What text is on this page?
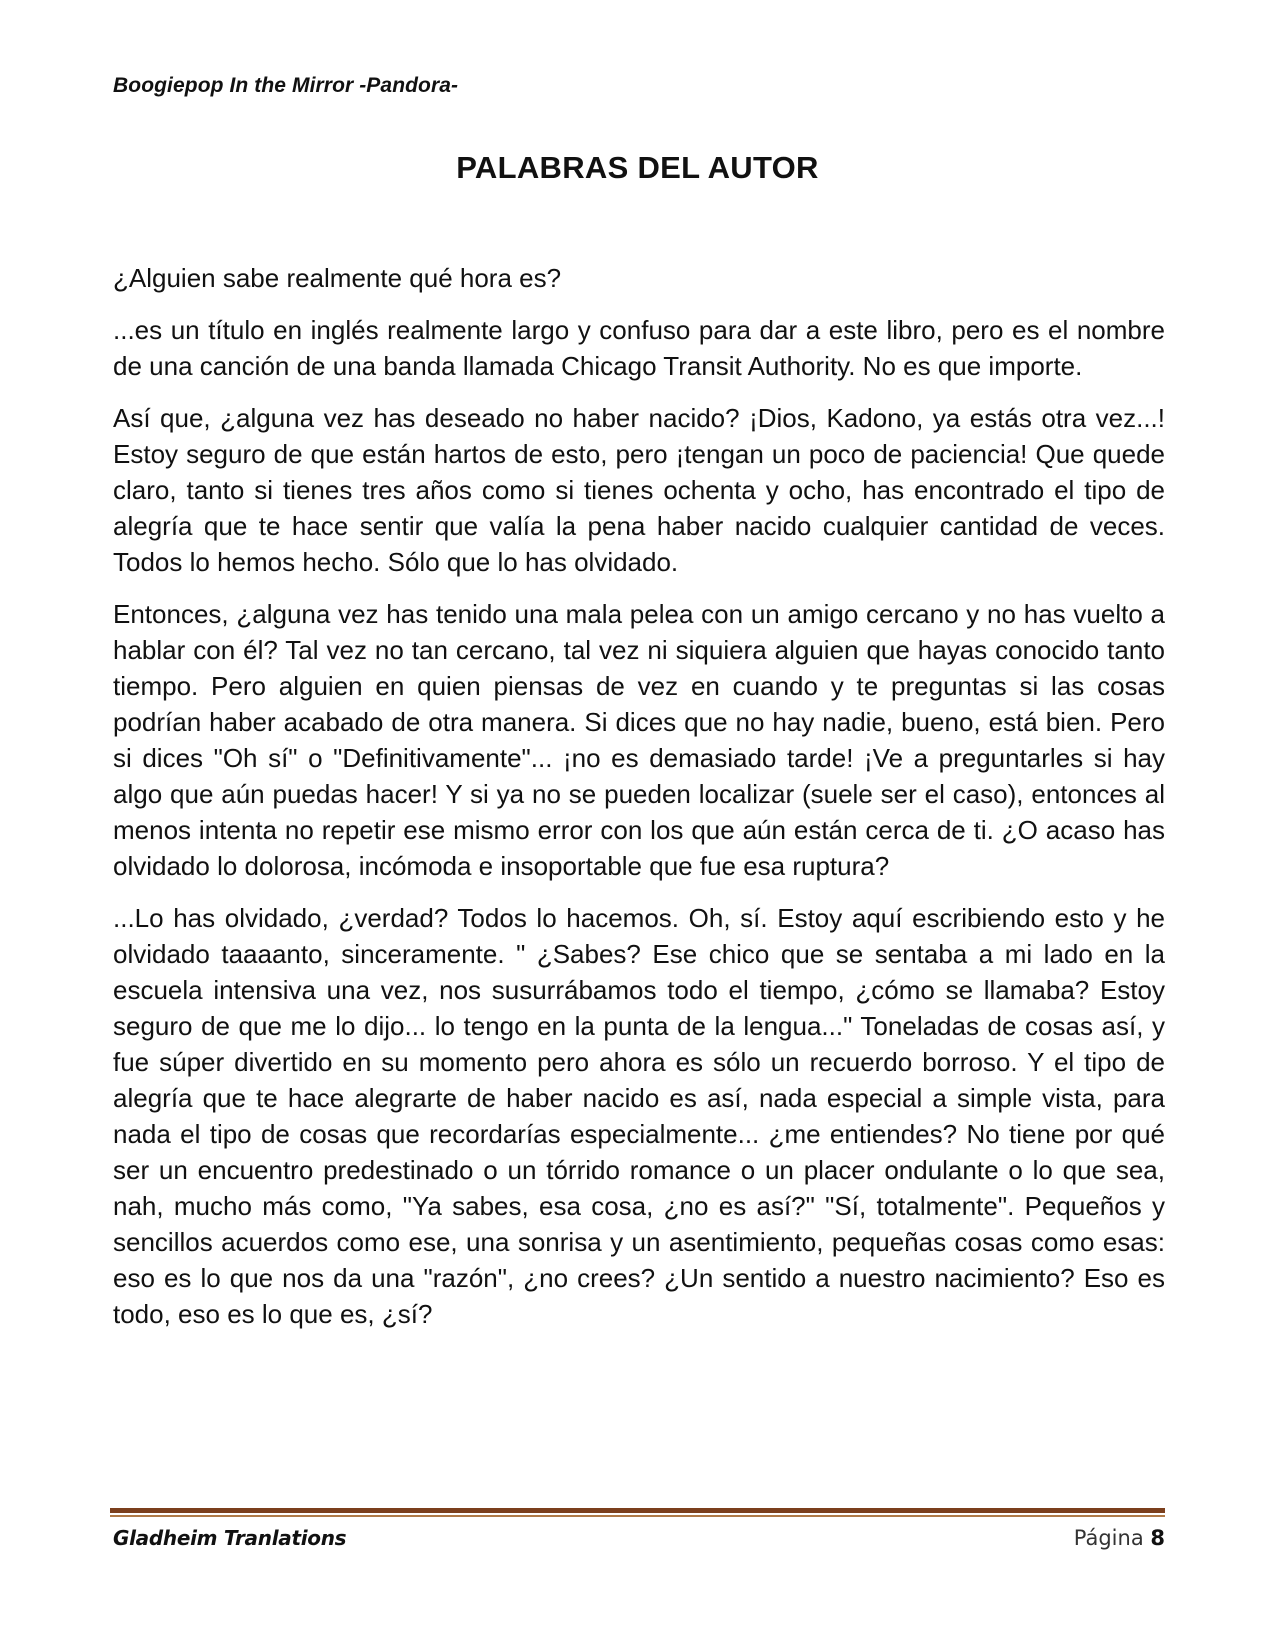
Boogiepop In the Mirror -Pandora-
PALABRAS DEL AUTOR

¿Alguien sabe realmente qué hora es?

...es un título en inglés realmente largo y confuso para dar a este libro, pero es el nombre de una canción de una banda llamada Chicago Transit Authority. No es que importe.

Así que, ¿alguna vez has deseado no haber nacido? ¡Dios, Kadono, ya estás otra vez...! Estoy seguro de que están hartos de esto, pero ¡tengan un poco de paciencia! Que quede claro, tanto si tienes tres años como si tienes ochenta y ocho, has encontrado el tipo de alegría que te hace sentir que valía la pena haber nacido cualquier cantidad de veces. Todos lo hemos hecho. Sólo que lo has olvidado.

Entonces, ¿alguna vez has tenido una mala pelea con un amigo cercano y no has vuelto a hablar con él? Tal vez no tan cercano, tal vez ni siquiera alguien que hayas conocido tanto tiempo. Pero alguien en quien piensas de vez en cuando y te preguntas si las cosas podrían haber acabado de otra manera. Si dices que no hay nadie, bueno, está bien. Pero si dices "Oh sí" o "Definitivamente"... ¡no es demasiado tarde! ¡Ve a preguntarles si hay algo que aún puedas hacer! Y si ya no se pueden localizar (suele ser el caso), entonces al menos intenta no repetir ese mismo error con los que aún están cerca de ti. ¿O acaso has olvidado lo dolorosa, incómoda e insoportable que fue esa ruptura?

...Lo has olvidado, ¿verdad? Todos lo hacemos. Oh, sí. Estoy aquí escribiendo esto y he olvidado taaaanto, sinceramente. " ¿Sabes? Ese chico que se sentaba a mi lado en la escuela intensiva una vez, nos susurrábamos todo el tiempo, ¿cómo se llamaba? Estoy seguro de que me lo dijo... lo tengo en la punta de la lengua..." Toneladas de cosas así, y fue súper divertido en su momento pero ahora es sólo un recuerdo borroso. Y el tipo de alegría que te hace alegrarte de haber nacido es así, nada especial a simple vista, para nada el tipo de cosas que recordarías especialmente... ¿me entiendes? No tiene por qué ser un encuentro predestinado o un tórrido romance o un placer ondulante o lo que sea, nah, mucho más como, "Ya sabes, esa cosa, ¿no es así?" "Sí, totalmente". Pequeños y sencillos acuerdos como ese, una sonrisa y un asentimiento, pequeñas cosas como esas: eso es lo que nos da una "razón", ¿no crees? ¿Un sentido a nuestro nacimiento? Eso es todo, eso es lo que es, ¿sí?

Gladheim Tranlations	Página 8
